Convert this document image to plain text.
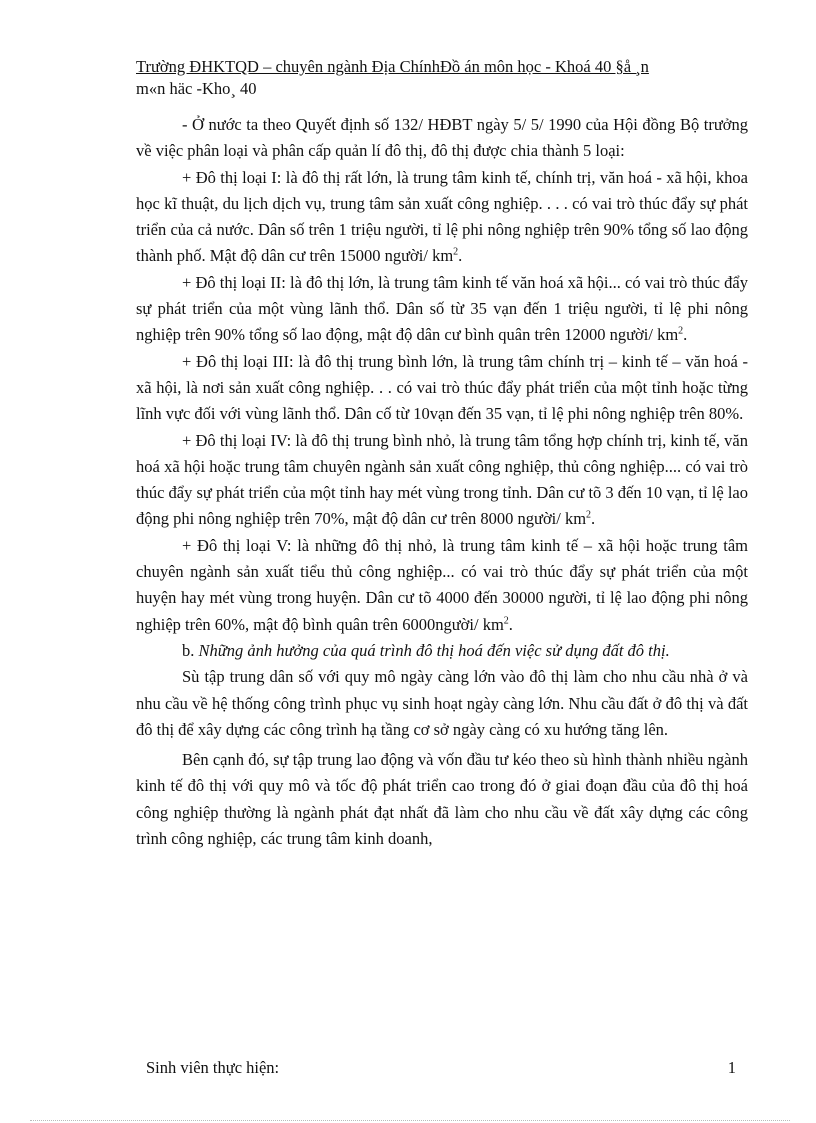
Trường ĐHKTQD – chuyên ngành Địa ChínhĐồ án môn học - Khoá 40 §å ¸n
m«n häc -Kho¸ 40

- Ở nước ta theo Quyết định số 132/ HĐBT ngày 5/ 5/ 1990 của Hội đồng Bộ trưởng về việc phân loại và phân cấp quản lí đô thị, đô thị được chia thành 5 loại:

+ Đô thị loại I: là đô thị rất lớn, là trung tâm kinh tế, chính trị, văn hoá - xã hội, khoa học kĩ thuật, du lịch dịch vụ, trung tâm sản xuất công nghiệp. . . . có vai trò thúc đẩy sự phát triển của cả nước. Dân số trên 1 triệu người, tỉ lệ phi nông nghiệp trên 90% tổng số lao động thành phố. Mật độ dân cư trên 15000 người/ $km^2$.

+ Đô thị loại II: là đô thị lớn, là trung tâm kinh tế văn hoá xã hội... có vai trò thúc đẩy sự phát triển của một vùng lãnh thổ. Dân số từ 35 vạn đến 1 triệu người, tỉ lệ phi nông nghiệp trên 90% tổng số lao động, mật độ dân cư bình quân trên 12000 người/ $km^2$.

+ Đô thị loại III: là đô thị trung bình lớn, là trung tâm chính trị – kinh tế – văn hoá - xã hội, là nơi sản xuất công nghiệp. . . có vai trò thúc đẩy phát triển của một tỉnh hoặc từng lĩnh vực đối với vùng lãnh thổ. Dân cố từ 10vạn đến 35 vạn, tỉ lệ phi nông nghiệp trên 80%.

+ Đô thị loại IV: là đô thị trung bình nhỏ, là trung tâm tổng hợp chính trị, kinh tế, văn hoá xã hội hoặc trung tâm chuyên ngành sản xuất công nghiệp, thủ công nghiệp.... có vai trò thúc đẩy sự phát triển của một tỉnh hay mét vùng trong tỉnh. Dân cư tõ 3 đến 10 vạn, tỉ lệ lao động phi nông nghiệp trên 70%, mật độ dân cư trên 8000 người/ $km^2$.

+ Đô thị loại V: là những đô thị nhỏ, là trung tâm kinh tế – xã hội hoặc trung tâm chuyên ngành sản xuất tiểu thủ công nghiệp... có vai trò thúc đẩy sự phát triển của một huyện hay mét vùng trong huyện. Dân cư tõ 4000 đến 30000 người, tỉ lệ lao động phi nông nghiệp trên 60%, mật độ bình quân trên 6000người/ $km^2$.

b. Những ảnh hưởng của quá trình đô thị hoá đến việc sử dụng đất đô thị.

Sù tập trung dân số với quy mô ngày càng lớn vào đô thị làm cho nhu cầu nhà ở và nhu cầu về hệ thống công trình phục vụ sinh hoạt ngày càng lớn. Nhu cầu đất ở đô thị và đất đô thị để xây dựng các công trình hạ tầng cơ sở ngày càng có xu hướng tăng lên.

Bên cạnh đó, sự tập trung lao động và vốn đầu tư kéo theo sù hình thành nhiều ngành kinh tế đô thị với quy mô và tốc độ phát triển cao trong đó ở giai đoạn đầu của đô thị hoá công nghiệp thường là ngành phát đạt nhất đã làm cho nhu cầu về đất xây dựng các công trình công nghiệp, các trung tâm kinh doanh,

Sinh viên thực hiện:	1
